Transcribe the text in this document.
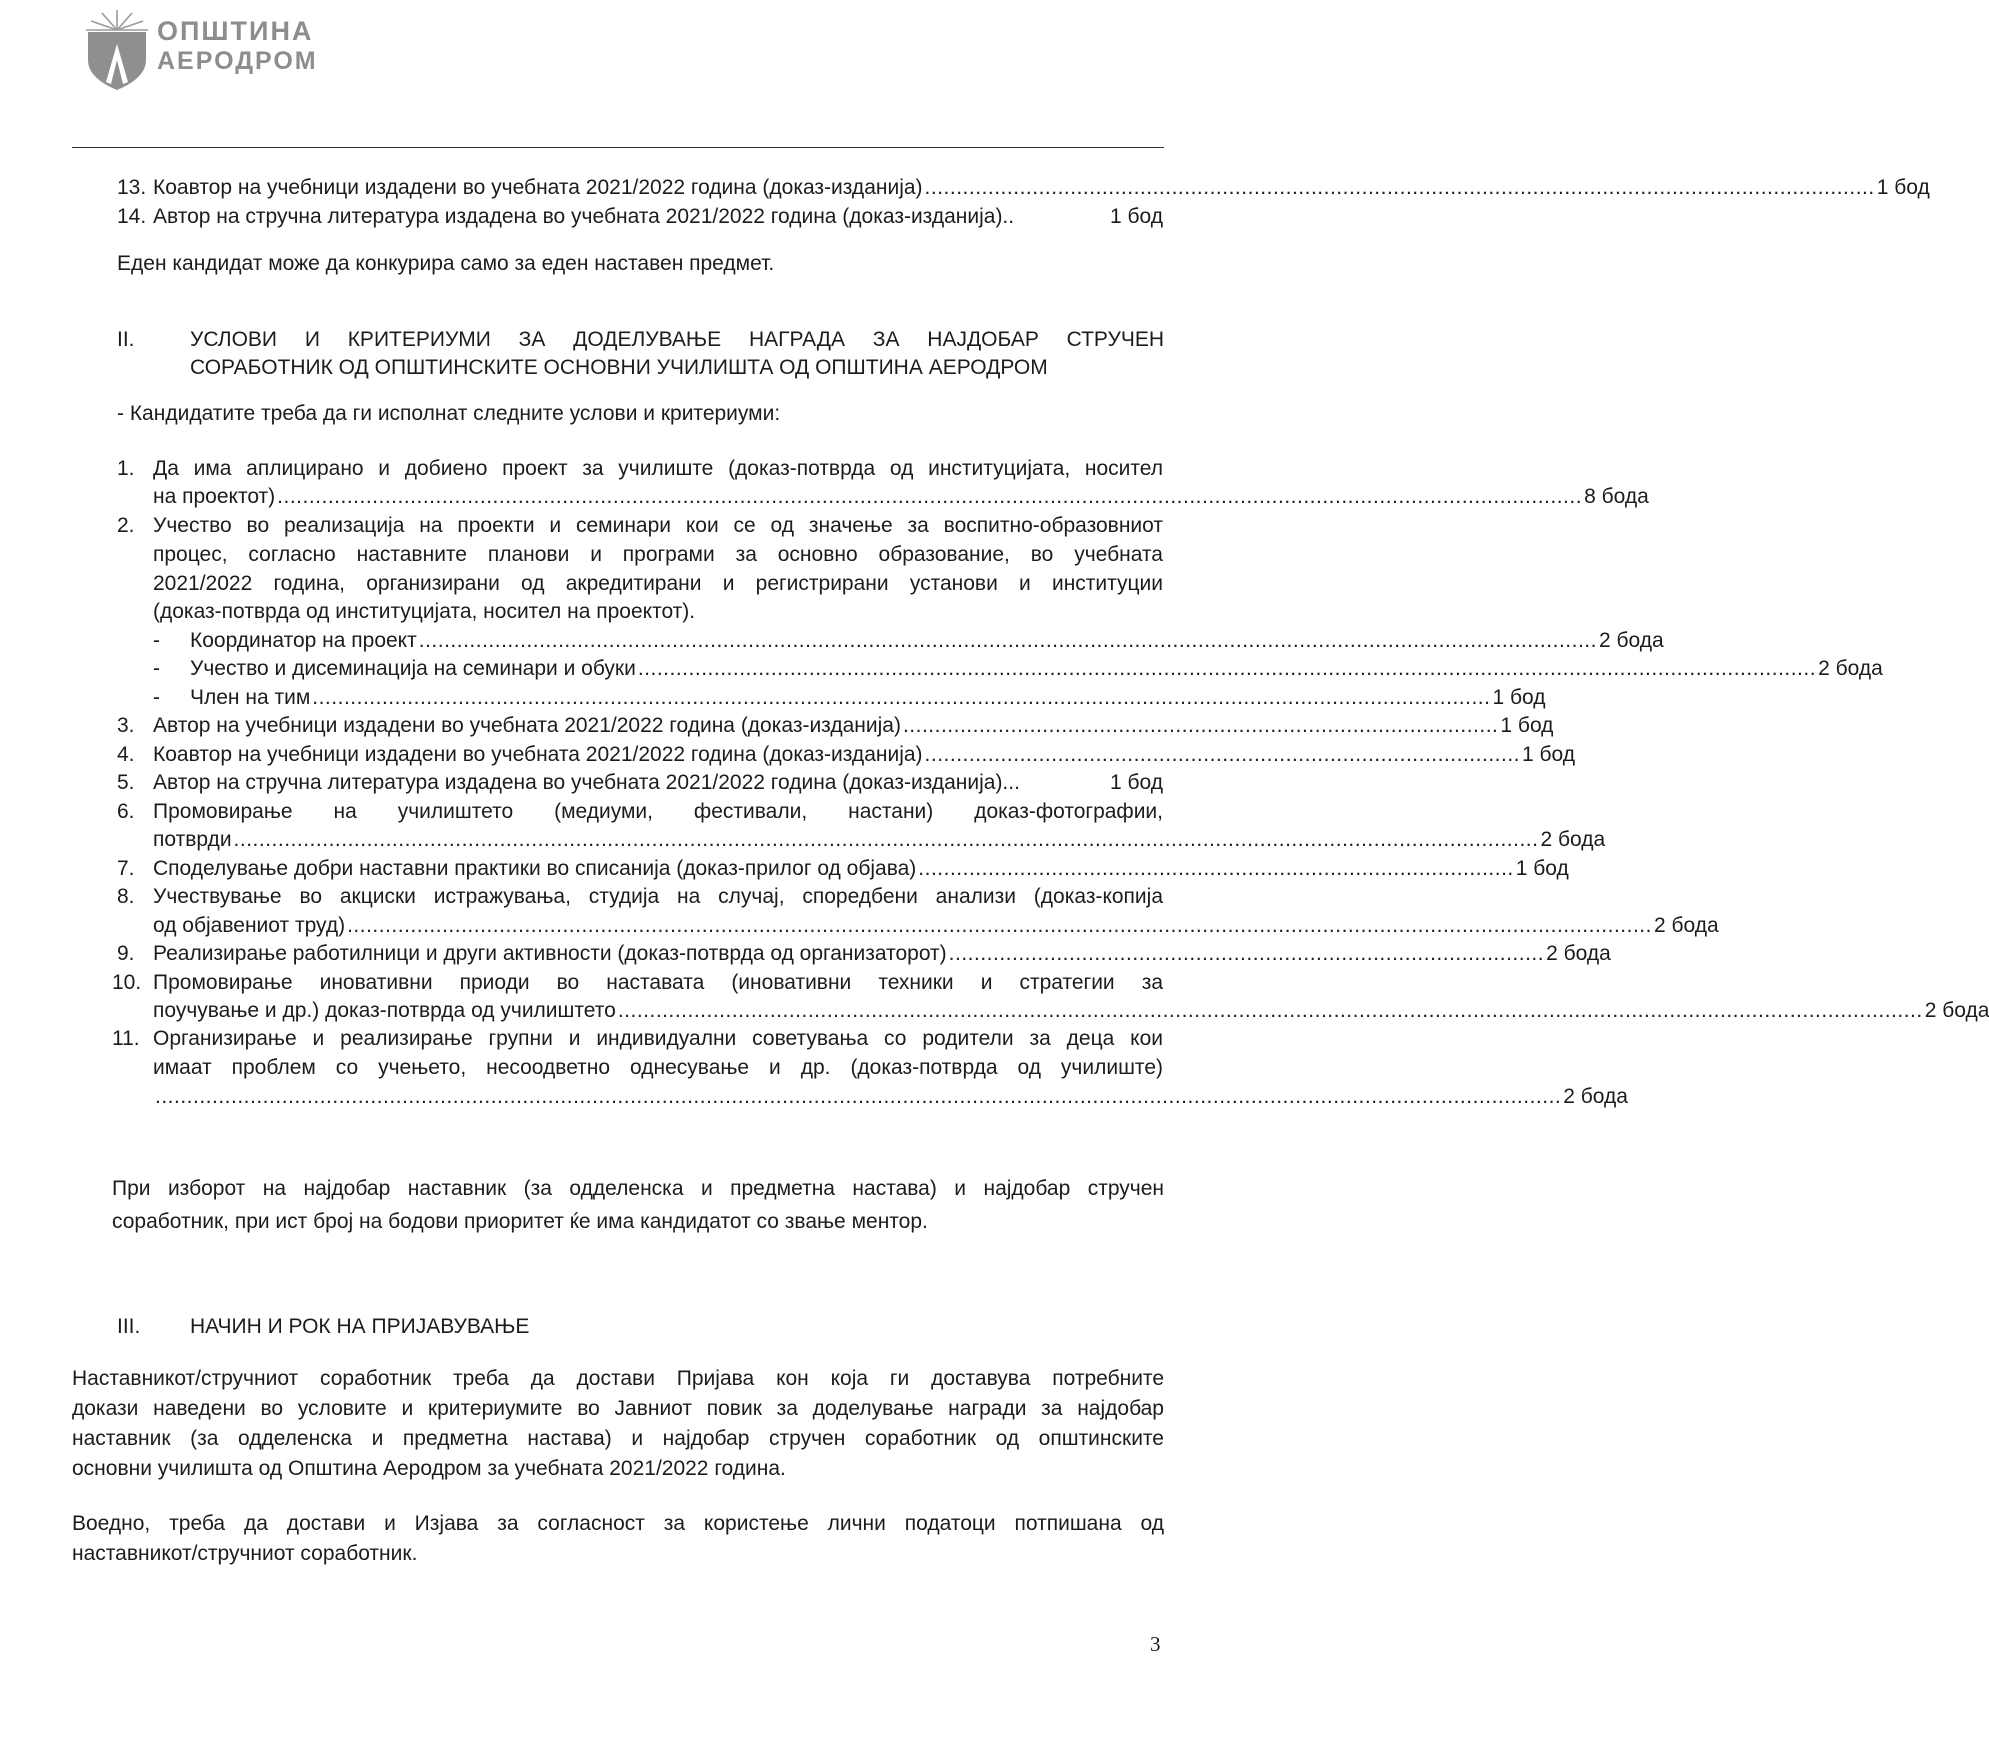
ОПШТИНА
АЕРОДРОМ
13. Коавтор на учебници издадени во учебната 2021/2022 година (доказ-изданија) ...................................................................................................................................................... 1 бод
14. Автор на стручна литература издадена во учебната 2021/2022 година (доказ-изданија)..	1 бод
Еден кандидат може да конкурира само за еден наставен предмет.
II.	УСЛОВИ И КРИТЕРИУМИ ЗА ДОДЕЛУВАЊЕ НАГРАДА ЗА НАЈДОБАР СТРУЧЕН
СОРАБОТНИК ОД ОПШТИНСКИТЕ ОСНОВНИ УЧИЛИШТА ОД ОПШТИНА АЕРОДРОМ
- Кандидатите треба да ги исполнат следните услови и критериуми:
1. Да има аплицирано и добиено проект за училиште (доказ-потврда од институцијата, носител
на проектот) .............................................................................................................................................................................................................. 8 бода
2. Учество во реализација на проекти и семинари кои се од значење за воспитно-образовниот
процес, согласно наставните планови и програми за основно образование, во учебната
2021/2022 година, организирани од акредитирани и регистрирани установи и институции
(доказ-потврда од институцијата, носител на проектот).
- Координатор на проект .......................................................................................................................................................................................... 2 бода
- Учество и дисеминација на семинари и обуки .......................................................................................................................................................................................... 2 бода
- Член на тим .......................................................................................................................................................................................... 1 бод
3. Автор на учебници издадени во учебната 2021/2022 година (доказ-изданија) .............................................................................................. 1 бод
4. Коавтор на учебници издадени во учебната 2021/2022 година (доказ-изданија) .............................................................................................. 1 бод
5. Автор на стручна литература издадена во учебната 2021/2022 година (доказ-изданија)...	1 бод
6. Промовирање на училиштето (медиуми, фестивали, настани) доказ-фотографии,
потврди .............................................................................................................................................................................................................. 2 бода
7. Споделување добри наставни практики во списанија (доказ-прилог од објава) .............................................................................................. 1 бод
8. Учествување во акциски истражувања, студија на случај, споредбени анализи (доказ-копија
од објавениот труд) .............................................................................................................................................................................................................. 2 бода
9. Реализирање работилници и други активности (доказ-потврда од организаторот) .............................................................................................. 2 бода
10. Промовирање иновативни приоди во наставата (иновативни техники и стратегии за
поучување и др.) доказ-потврда од училиштето .............................................................................................................................................................................................................. 2 бода
11. Организирање и реализирање групни и индивидуални советувања со родители за деца кои
имаат проблем со учењето, несоодветно однесување и др. (доказ-потврда од училиште)
.............................................................................................................................................................................................................................. 2 бода
При изборот на најдобар наставник (за одделенска и предметна настава) и најдобар стручен
соработник, при ист број на бодови приоритет ќе има кандидатот со звање ментор.
III. НАЧИН И РОК НА ПРИЈАВУВАЊЕ
Наставникот/стручниот соработник треба да достави Пријава кон која ги доставува потребните
докази наведени во условите и критериумите во Јавниот повик за доделување награди за најдобар
наставник (за одделенска и предметна настава) и најдобар стручен соработник од општинските
основни училишта од Општина Аеродром за учебната 2021/2022 година.
Воедно, треба да достави и Изјава за согласност за користење лични податоци потпишана од
наставникот/стручниот соработник.
3
